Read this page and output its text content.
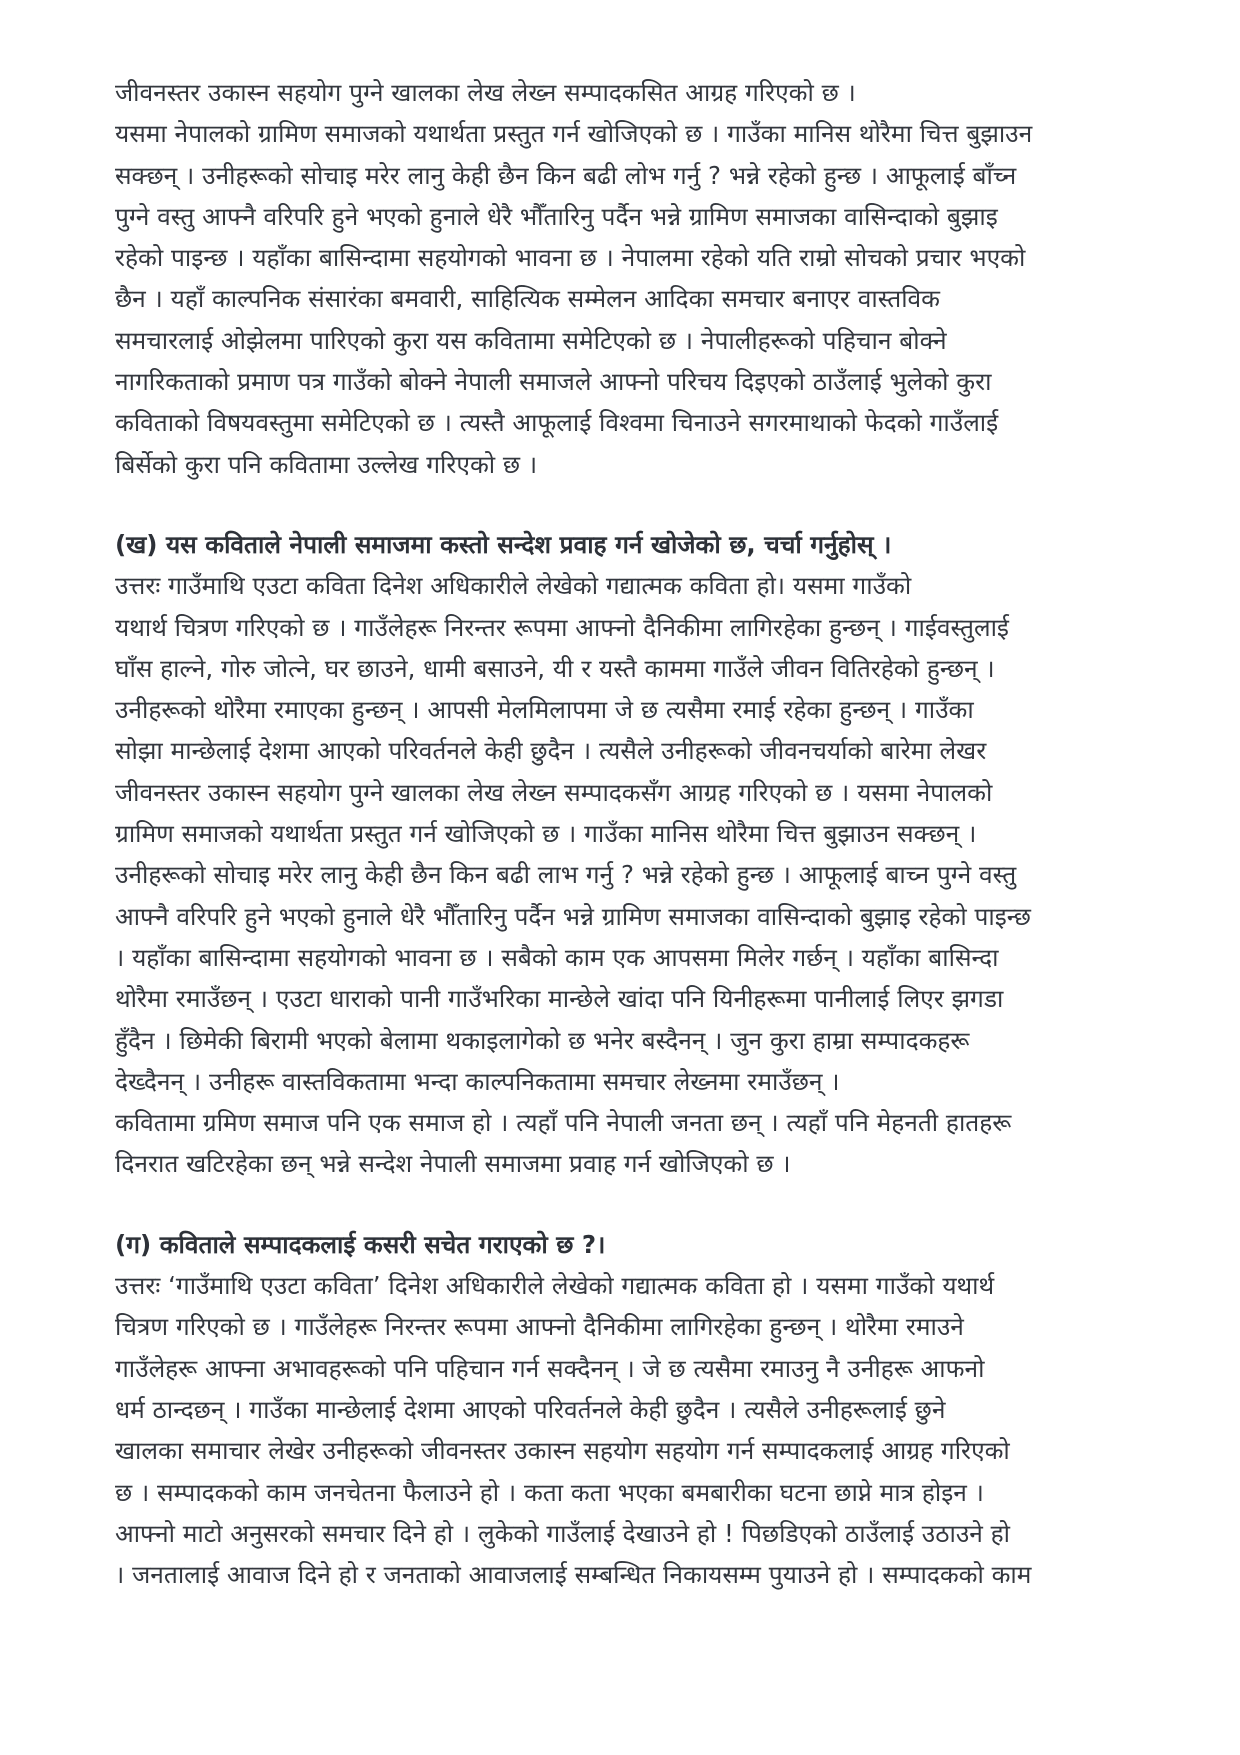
जीवनस्तर उकास्न सहयोग पुग्ने खालका लेख लेख्न सम्पादकसित आग्रह गरिएको छ ।
यसमा नेपालको ग्रामिण समाजको यथार्थता प्रस्तुत गर्न खोजिएको छ । गाउँका मानिस थोरैमा चित्त बुझाउन
सक्छन् । उनीहरूको सोचाइ मरेर लानु केही छैन किन बढी लोभ गर्नु ? भन्ने रहेको हुन्छ । आफूलाई बाँच्न
पुग्ने वस्तु आफ्नै वरिपरि हुने भएको हुनाले धेरै भौँतारिनु पर्दैन भन्ने ग्रामिण समाजका वासिन्दाको बुझाइ
रहेको पाइन्छ । यहाँका बासिन्दामा सहयोगको भावना छ । नेपालमा रहेको यति राम्रो सोचको प्रचार भएको
छैन । यहाँ काल्पनिक संसारंका बमवारी, साहित्यिक सम्मेलन आदिका समचार बनाएर वास्तविक
समचारलाई ओझेलमा पारिएको कुरा यस कवितामा समेटिएको छ । नेपालीहरूको पहिचान बोक्ने
नागरिकताको प्रमाण पत्र गाउँको बोक्ने नेपाली समाजले आफ्नो परिचय दिइएको ठाउँलाई भुलेको कुरा
कविताको विषयवस्तुमा समेटिएको छ । त्यस्तै आफूलाई विश्वमा चिनाउने सगरमाथाको फेदको गाउँलाई
बिर्सेको कुरा पनि कवितामा उल्लेख गरिएको छ ।
(ख) यस कविताले नेपाली समाजमा कस्तो सन्देश प्रवाह गर्न खोजेको छ, चर्चा गर्नुहोस् ।
उत्तरः गाउँमाथि एउटा कविता दिनेश अधिकारीले लेखेको गद्यात्मक कविता हो। यसमा गाउँको
यथार्थ चित्रण गरिएको छ । गाउँलेहरू निरन्तर रूपमा आफ्नो दैनिकीमा लागिरहेका हुन्छन् । गाईवस्तुलाई
घाँस हाल्ने, गोरु जोत्ने, घर छाउने, धामी बसाउने, यी र यस्तै काममा गाउँले जीवन वितिरहेको हुन्छन् ।
उनीहरूको थोरैमा रमाएका हुन्छन् । आपसी मेलमिलापमा जे छ त्यसैमा रमाई रहेका हुन्छन् । गाउँका
सोझा मान्छेलाई देशमा आएको परिवर्तनले केही छुदैन । त्यसैले उनीहरूको जीवनचर्याको बारेमा लेखर
जीवनस्तर उकास्न सहयोग पुग्ने खालका लेख लेख्न सम्पादकसँग आग्रह गरिएको छ । यसमा नेपालको
ग्रामिण समाजको यथार्थता प्रस्तुत गर्न खोजिएको छ । गाउँका मानिस थोरैमा चित्त बुझाउन सक्छन् ।
उनीहरूको सोचाइ मरेर लानु केही छैन किन बढी लाभ गर्नु ? भन्ने रहेको हुन्छ । आफूलाई बाच्न पुग्ने वस्तु
आफ्नै वरिपरि हुने भएको हुनाले धेरै भौँतारिनु पर्दैन भन्ने ग्रामिण समाजका वासिन्दाको बुझाइ रहेको पाइन्छ
। यहाँका बासिन्दामा सहयोगको भावना छ । सबैको काम एक आपसमा मिलेर गर्छन् । यहाँका बासिन्दा
थोरैमा रमाउँछन् । एउटा धाराको पानी गाउँभरिका मान्छेले खांदा पनि यिनीहरूमा पानीलाई लिएर झगडा
हुँदैन । छिमेकी बिरामी भएको बेलामा थकाइलागेको छ भनेर बस्दैनन् । जुन कुरा हाम्रा सम्पादकहरू
देख्दैनन् । उनीहरू वास्तविकतामा भन्दा काल्पनिकतामा समचार लेख्नमा रमाउँछन् ।
कवितामा ग्रमिण समाज पनि एक समाज हो । त्यहाँ पनि नेपाली जनता छन् । त्यहाँ पनि मेहनती हातहरू
दिनरात खटिरहेका छन् भन्ने सन्देश नेपाली समाजमा प्रवाह गर्न खोजिएको छ ।
(ग) कविताले सम्पादकलाई कसरी सचेत गराएको छ ?।
उत्तरः ‘गाउँमाथि एउटा कविता’ दिनेश अधिकारीले लेखेको गद्यात्मक कविता हो । यसमा गाउँको यथार्थ
चित्रण गरिएको छ । गाउँलेहरू निरन्तर रूपमा आफ्नो दैनिकीमा लागिरहेका हुन्छन् । थोरैमा रमाउने
गाउँलेहरू आफ्ना अभावहरूको पनि पहिचान गर्न सक्दैनन् । जे छ त्यसैमा रमाउनु नै उनीहरू आफनो
धर्म ठान्दछन् । गाउँका मान्छेलाई देशमा आएको परिवर्तनले केही छुदैन । त्यसैले उनीहरूलाई छुने
खालका समाचार लेखेर उनीहरूको जीवनस्तर उकास्न सहयोग सहयोग गर्न सम्पादकलाई आग्रह गरिएको
छ । सम्पादकको काम जनचेतना फैलाउने हो । कता कता भएका बमबारीका घटना छाप्ने मात्र होइन ।
आफ्नो माटो अनुसरको समचार दिने हो । लुकेको गाउँलाई देखाउने हो ! पिछडिएको ठाउँलाई उठाउने हो
। जनतालाई आवाज दिने हो र जनताको आवाजलाई सम्बन्धित निकायसम्म पुयाउने हो । सम्पादकको काम
